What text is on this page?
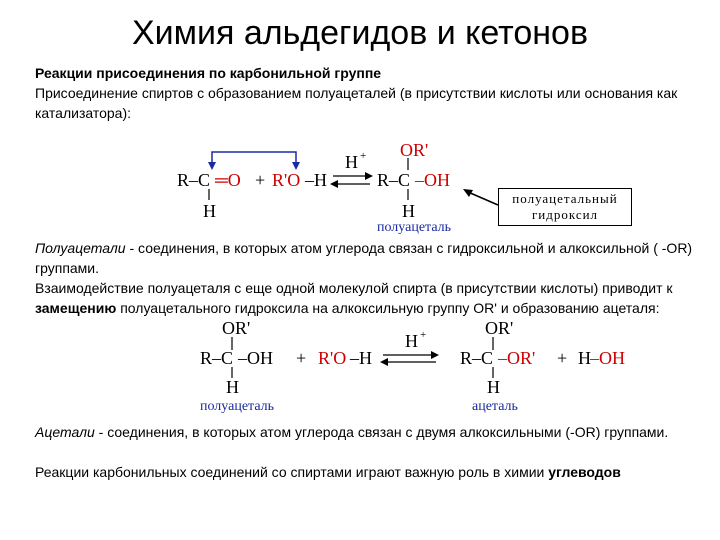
Химия альдегидов и кетонов
Реакции присоединения по карбонильной группе
Присоединение спиртов с образованием полуацеталей (в присутствии кислоты или основания как катализатора):
R–C ═O + R'O –H
H
H + OR'
R–C –OH
H
полуацеталь
полуацетальный
гидроксил
Полуацетали - соединения, в которых атом углерода связан с гидроксильной и алкоксильной ( -OR) группами.
Взаимодействие полуацеталя с еще одной молекулой спирта (в присутствии кислоты) приводит к замещению полуацетального гидроксила на алкоксильную группу OR' и образованию ацеталя:
OR'
R–C –OH
H
+ R'O –H
H +	OR'
R–C –OR' + H –OH
H
полуацеталь	ацеталь
Ацетали - соединения, в которых атом углерода связан с двумя алкоксильными (-OR) группами.
Реакции карбонильных соединений со спиртами играют важную роль в химии углеводов
